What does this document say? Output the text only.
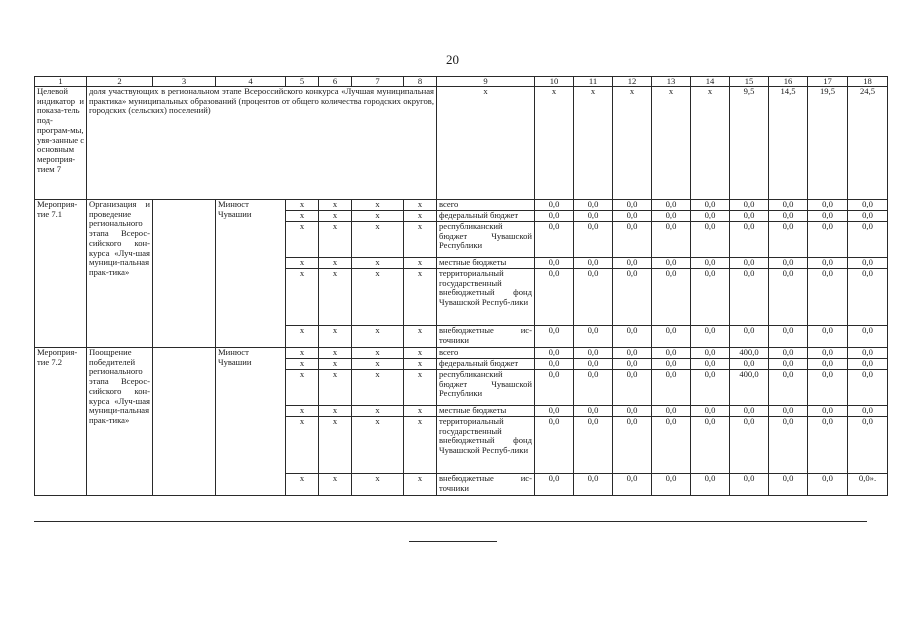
20
1	2	3	4	5	6	7	8	9	10	11	12	13	14	15	16	17	18
Целевой индикатор и показа-тель под-програм-мы, увя-занные с основным мероприя-тием 7	доля участвующих в региональном этапе Всероссийского конкурса «Лучшая муниципальная практика» муниципальных образований (процентов от общего количества городских округов, городских (сельских) поселений)							x	x	x	x	x	x	9,5	14,5	19,5	24,5
Мероприя-тие 7.1	Организация и проведение регионального этапа Всерос-сийского кон-курса «Луч-шая муници-пальная прак-тика»		Минюст Чувашии	x	x	x	x	всего	0,0	0,0	0,0	0,0	0,0	0,0	0,0	0,0	0,0
				x	x	x	x	федеральный бюджет	0,0	0,0	0,0	0,0	0,0	0,0	0,0	0,0	0,0
				x	x	x	x	республиканский бюджет Чувашской Республики	0,0	0,0	0,0	0,0	0,0	0,0	0,0	0,0	0,0
				x	x	x	x	местные бюджеты	0,0	0,0	0,0	0,0	0,0	0,0	0,0	0,0	0,0
				x	x	x	x	территориальный государственный внебюджетный фонд Чувашской Респуб-лики	0,0	0,0	0,0	0,0	0,0	0,0	0,0	0,0	0,0
				x	x	x	x	внебюджетные ис-точники	0,0	0,0	0,0	0,0	0,0	0,0	0,0	0,0	0,0
Мероприя-тие 7.2	Поощрение победителей регионального этапа Всерос-сийского кон-курса «Луч-шая муници-пальная прак-тика»		Минюст Чувашии	x	x	x	x	всего	0,0	0,0	0,0	0,0	0,0	400,0	0,0	0,0	0,0
				x	x	x	x	федеральный бюджет	0,0	0,0	0,0	0,0	0,0	0,0	0,0	0,0	0,0
				x	x	x	x	республиканский бюджет Чувашской Республики	0,0	0,0	0,0	0,0	0,0	400,0	0,0	0,0	0,0
				x	x	x	x	местные бюджеты	0,0	0,0	0,0	0,0	0,0	0,0	0,0	0,0	0,0
				x	x	x	x	территориальный государственный внебюджетный фонд Чувашской Респуб-лики	0,0	0,0	0,0	0,0	0,0	0,0	0,0	0,0	0,0
				x	x	x	x	внебюджетные ис-точники	0,0	0,0	0,0	0,0	0,0	0,0	0,0	0,0	0,0».
